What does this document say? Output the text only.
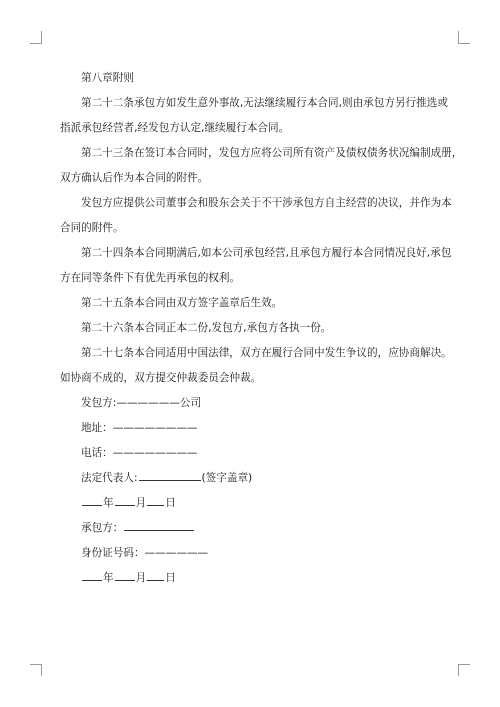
第八章附则
第二十二条承包方如发生意外事故,无法继续履行本合同,则由承包方另行推选或
指派承包经营者,经发包方认定,继续履行本合同。
第二十三条在签订本合同时，发包方应将公司所有资产及债权债务状况编制成册，
双方确认后作为本合同的附件。
发包方应提供公司董事会和股东会关于不干涉承包方自主经营的决议，并作为本
合同的附件。
第二十四条本合同期满后,如本公司承包经营,且承包方履行本合同情况良好,承包
方在同等条件下有优先再承包的权利。
第二十五条本合同由双方签字盖章后生效。
第二十六条本合同正本二份,发包方,承包方各执一份。
第二十七条本合同适用中国法律，双方在履行合同中发生争议的，应协商解决。
如协商不成的，双方提交仲裁委员会仲裁。
发包方:——————公司
地址：————————
电话：————————
法定代表人:	(签字盖章)
年 月 日
承包方：
身份证号码：——————
年 月 日
